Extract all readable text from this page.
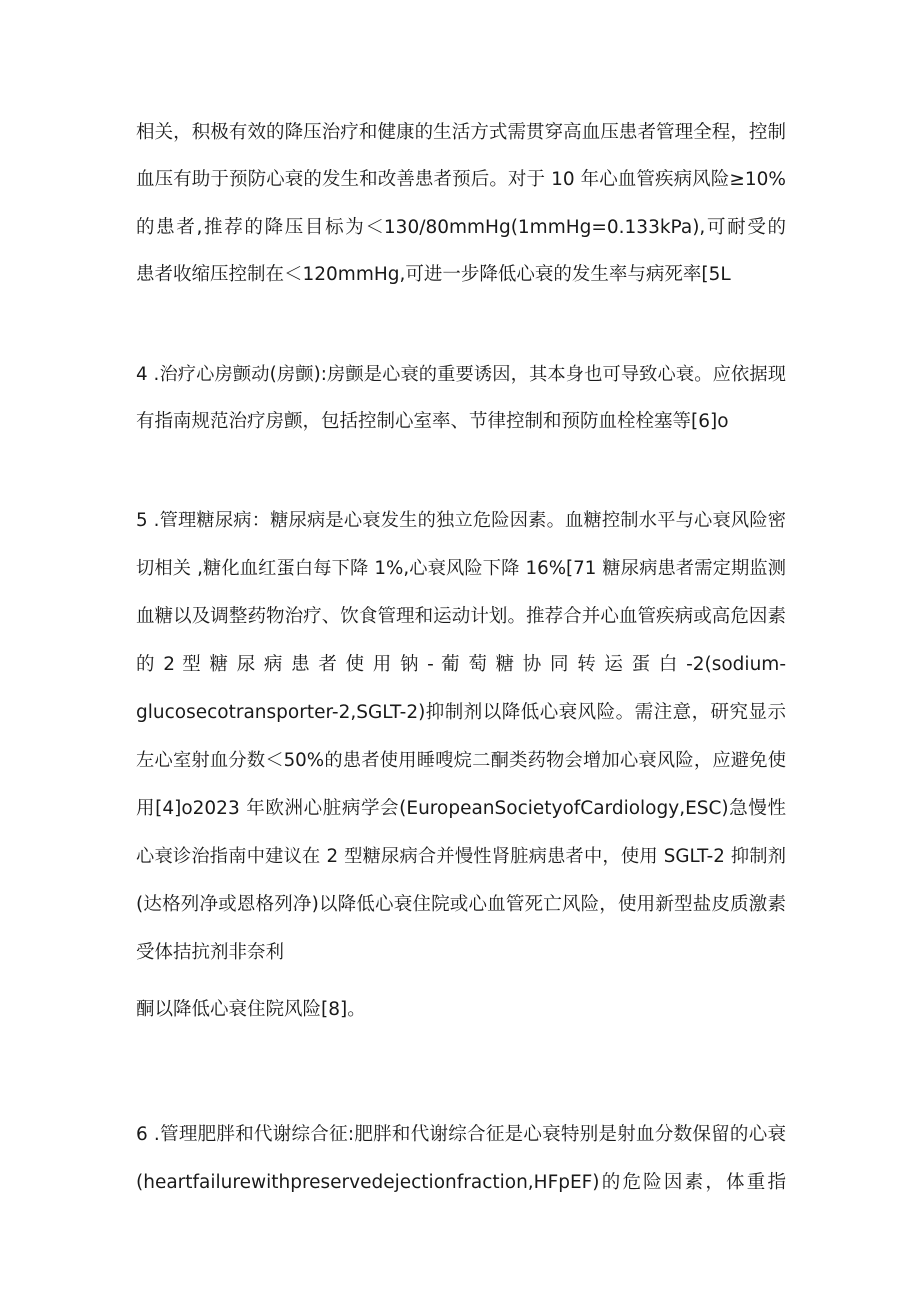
相关，积极有效的降压治疗和健康的生活方式需贯穿高血压患者管理全程，控制
血压有助于预防心衰的发生和改善患者预后。对于 10 年心血管疾病风险≥10%
的患者,推荐的降压目标为＜130/80mmHg(1mmHg=0.133kPa),可耐受的
患者收缩压控制在＜120mmHg,可进一步降低心衰的发生率与病死率[5L
4 .治疗心房颤动(房颤):房颤是心衰的重要诱因，其本身也可导致心衰。应依据现
有指南规范治疗房颤，包括控制心室率、节律控制和预防血栓栓塞等[6]o
5 .管理糖尿病：糖尿病是心衰发生的独立危险因素。血糖控制水平与心衰风险密
切相关 ,糖化血红蛋白每下降 1%,心衰风险下降 16%[71 糖尿病患者需定期监测
血糖以及调整药物治疗、饮食管理和运动计划。推荐合并心血管疾病或高危因素
的 2 型 糖 尿 病 患 者 使 用 钠 - 葡 萄 糖 协 同 转 运 蛋 白 -2(sodium-
glucosecotransporter-2,SGLT-2)抑制剂以降低心衰风险。需注意，研究显示
左心室射血分数＜50%的患者使用睡嗖烷二酮类药物会增加心衰风险，应避免使
用[4]o2023 年欧洲心脏病学会(EuropeanSocietyofCardiology,ESC)急慢性
心衰诊治指南中建议在 2 型糖尿病合并慢性肾脏病患者中，使用 SGLT-2 抑制剂
(达格列净或恩格列净)以降低心衰住院或心血管死亡风险，使用新型盐皮质激素
受体拮抗剂非奈利
酮以降低心衰住院风险[8]。
6 .管理肥胖和代谢综合征:肥胖和代谢综合征是心衰特别是射血分数保留的心衰
(heartfailurewithpreservedejectionfraction,HFpEF)的危险因素，体重指
